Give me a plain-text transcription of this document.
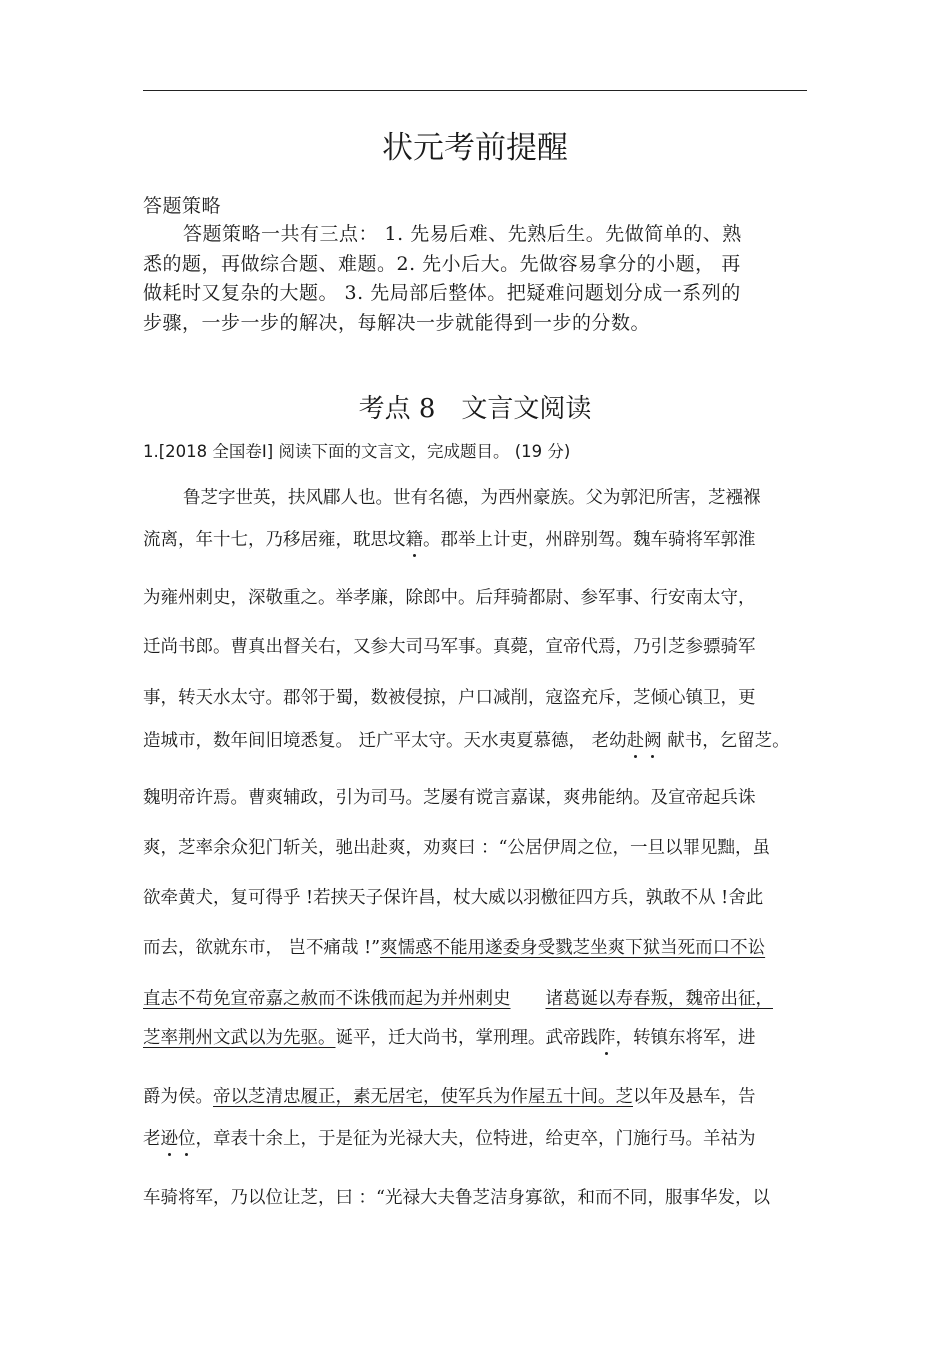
状元考前提醒
答题策略
答题策略一共有三点： 1. 先易后难、先熟后生。先做简单的、熟
悉的题，再做综合题、难题。2. 先小后大。先做容易拿分的小题， 再
做耗时又复杂的大题。 3. 先局部后整体。把疑难问题划分成一系列的
步骤，一步一步的解决，每解决一步就能得到一步的分数。
考点 8　文言文阅读
1.[2018 全国卷Ⅰ] 阅读下面的文言文，完成题目。 (19 分)
鲁芝字世英，扶风郿人也。世有名德，为西州豪族。父为郭汜所害，芝襁褓
流离，年十七，乃移居雍，耽思坟籍。郡举上计吏，州辟别驾。魏车骑将军郭淮
为雍州刺史，深敬重之。举孝廉，除郎中。后拜骑都尉、参军事、行安南太守，
迁尚书郎。曹真出督关右，又参大司马军事。真薨，宣帝代焉，乃引芝参骠骑军
事，转天水太守。郡邻于蜀，数被侵掠，户口减削，寇盗充斥，芝倾心镇卫，更
造城市，数年间旧境悉复。 迁广平太守。天水夷夏慕德， 老幼赴阙 献书，乞留芝。
魏明帝许焉。曹爽辅政，引为司马。芝屡有谠言嘉谋，爽弗能纳。及宣帝起兵诛
爽，芝率余众犯门斩关，驰出赴爽，劝爽曰 ：“公居伊周之位，一旦以罪见黜，虽
欲牵黄犬，复可得乎 !若挟天子保许昌，杖大威以羽檄征四方兵，孰敢不从 !舍此
而去，欲就东市， 岂不痛哉 !”爽懦惑不能用遂委身受戮芝坐爽下狱当死而口不讼
直志不苟免宣帝嘉之赦而不诛俄而起为并州刺史　　 诸葛诞以寿春叛，魏帝出征，
芝率荆州文武以为先驱。诞平，迁大尚书，掌刑理。武帝践阼，转镇东将军，进
爵为侯。帝以芝清忠履正，素无居宅，使军兵为作屋五十间。芝以年及悬车，告
老逊位，章表十余上，于是征为光禄大夫，位特进，给吏卒，门施行马。羊祜为
车骑将军，乃以位让芝，曰 ：“光禄大夫鲁芝洁身寡欲，和而不同，服事华发，以
